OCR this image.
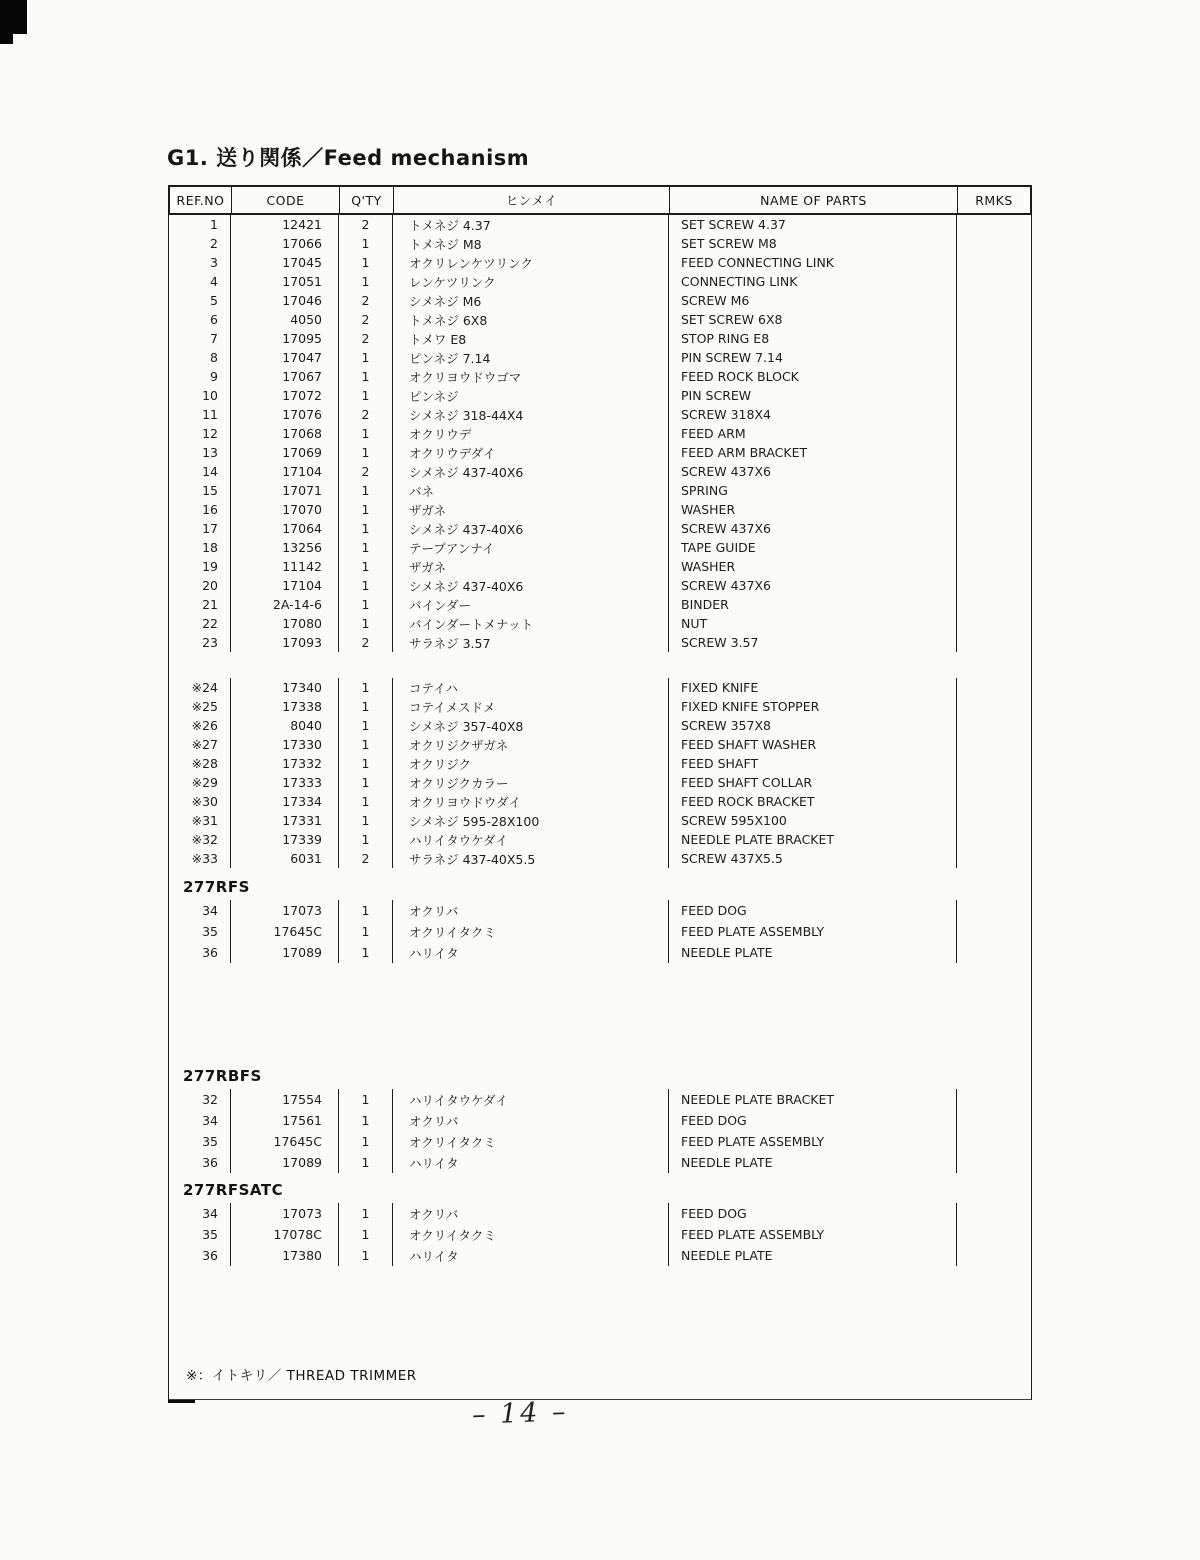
G1. 送り関係／Feed mechanism
REF.NO	CODE	Q'TY	ヒンメイ	NAME OF PARTS	RMKS
1	12421	2	トメネジ 4.37	SET SCREW 4.37
2	17066	1	トメネジ M8	SET SCREW M8
3	17045	1	オクリレンケツリンク	FEED CONNECTING LINK
4	17051	1	レンケツリンク	CONNECTING LINK
5	17046	2	シメネジ M6	SCREW M6
6	4050	2	トメネジ 6X8	SET SCREW 6X8
7	17095	2	トメワ E8	STOP RING E8
8	17047	1	ピンネジ 7.14	PIN SCREW 7.14
9	17067	1	オクリヨウドウゴマ	FEED ROCK BLOCK
10	17072	1	ピンネジ	PIN SCREW
11	17076	2	シメネジ 318-44X4	SCREW 318X4
12	17068	1	オクリウデ	FEED ARM
13	17069	1	オクリウデダイ	FEED ARM BRACKET
14	17104	2	シメネジ 437-40X6	SCREW 437X6
15	17071	1	バネ	SPRING
16	17070	1	ザガネ	WASHER
17	17064	1	シメネジ 437-40X6	SCREW 437X6
18	13256	1	テープアンナイ	TAPE GUIDE
19	11142	1	ザガネ	WASHER
20	17104	1	シメネジ 437-40X6	SCREW 437X6
21	2A-14-6	1	バインダー	BINDER
22	17080	1	バインダートメナット	NUT
23	17093	2	サラネジ 3.57	SCREW 3.57
※24	17340	1	コテイハ	FIXED KNIFE
※25	17338	1	コテイメスドメ	FIXED KNIFE STOPPER
※26	8040	1	シメネジ 357-40X8	SCREW 357X8
※27	17330	1	オクリジクザガネ	FEED SHAFT WASHER
※28	17332	1	オクリジク	FEED SHAFT
※29	17333	1	オクリジクカラー	FEED SHAFT COLLAR
※30	17334	1	オクリヨウドウダイ	FEED ROCK BRACKET
※31	17331	1	シメネジ 595-28X100	SCREW 595X100
※32	17339	1	ハリイタウケダイ	NEEDLE PLATE BRACKET
※33	6031	2	サラネジ 437-40X5.5	SCREW 437X5.5
277RFS
34	17073	1	オクリバ	FEED DOG
35	17645C	1	オクリイタクミ	FEED PLATE ASSEMBLY
36	17089	1	ハリイタ	NEEDLE PLATE
277RBFS
32	17554	1	ハリイタウケダイ	NEEDLE PLATE BRACKET
34	17561	1	オクリバ	FEED DOG
35	17645C	1	オクリイタクミ	FEED PLATE ASSEMBLY
36	17089	1	ハリイタ	NEEDLE PLATE
277RFSATC
34	17073	1	オクリバ	FEED DOG
35	17078C	1	オクリイタクミ	FEED PLATE ASSEMBLY
36	17380	1	ハリイタ	NEEDLE PLATE
※：イトキリ／ THREAD TRIMMER
– 14 –
